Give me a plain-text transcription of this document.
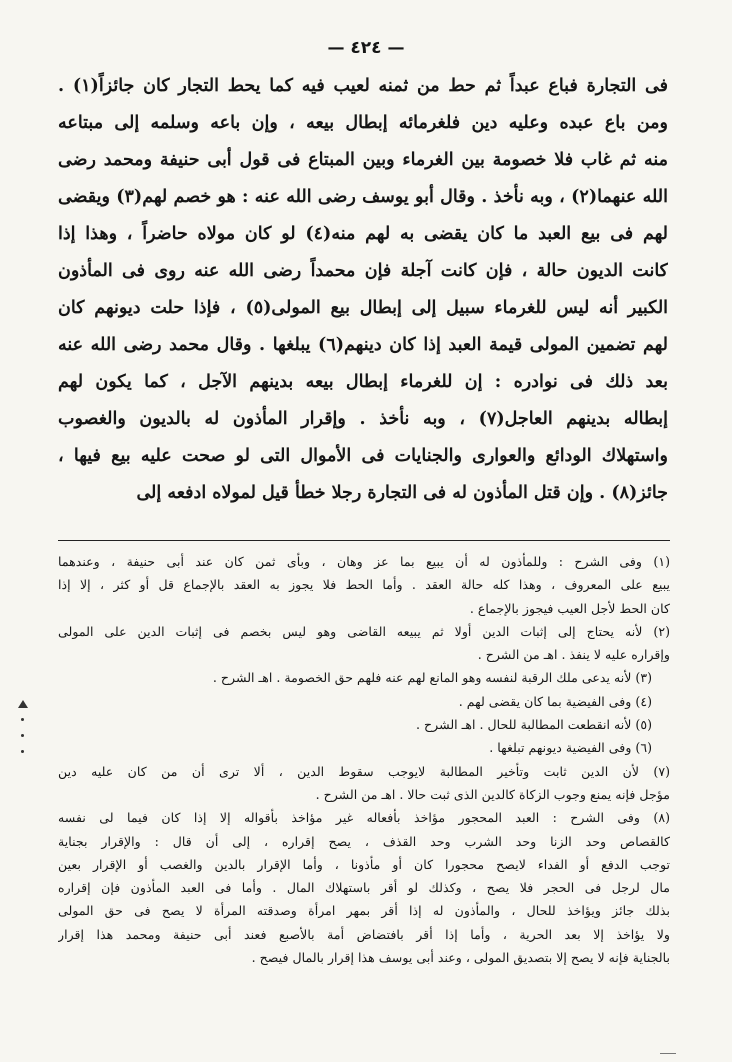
— ٤٢٤ —
فى التجارة فباع عبداً ثم حط من ثمنه لعيب فيه كما يحط التجار كان جائزاً(١) .
ومن باع عبده وعليه دين فلغرمائه إبطال بيعه ، وإن باعه وسلمه إلى مبتاعه
منه ثم غاب فلا خصومة بين الغرماء وبين المبتاع فى قول أبى حنيفة ومحمد رضى
الله عنهما(٢) ، وبه نأخذ . وقال أبو يوسف رضى الله عنه : هو خصم لهم(٣) ويقضى
لهم فى بيع العبد ما كان يقضى به لهم منه(٤) لو كان مولاه حاضراً ، وهذا إذا
كانت الديون حالة ، فإن كانت آجلة فإن محمداً رضى الله عنه روى فى المأذون
الكبير أنه ليس للغرماء سبيل إلى إبطال بيع المولى(٥) ، فإذا حلت ديونهم كان
لهم تضمين المولى قيمة العبد إذا كان دينهم(٦) يبلغها . وقال محمد رضى الله عنه
بعد ذلك فى نوادره : إن للغرماء إبطال بيعه بدينهم الآجل ، كما يكون لهم
إبطاله بدينهم العاجل(٧) ، وبه نأخذ . وإقرار المأذون له بالديون والغصوب
واستهلاك الودائع والعوارى والجنايات فى الأموال التى لو صحت عليه بيع فيها ،
جائز(٨) . وإن قتل المأذون له فى التجارة رجلا خطأ قيل لمولاه ادفعه إلى
(١) وفى الشرح : وللمأذون له أن يبيع بما عز وهان ، وبأى ثمن كان عند أبى حنيفة ، وعندهما
يبيع على المعروف ، وهذا كله حالة العقد . وأما الحط فلا يجوز به العقد بالإجماع قل أو كثر ، إلا إذا
كان الحط لأجل العيب فيجوز بالإجماع .
(٢) لأنه يحتاج إلى إثبات الدين أولا ثم يبيعه القاضى وهو ليس بخصم فى إثبات الدين على المولى
وإقراره عليه لا ينفذ . اهـ من الشرح .
(٣) لأنه يدعى ملك الرقبة لنفسه وهو المانع لهم عنه فلهم حق الخصومة . اهـ الشرح .
(٤) وفى الفيضية بما كان يقضى لهم .
(٥) لأنه انقطعت المطالبة للحال . اهـ الشرح .
(٦) وفى الفيضية ديونهم تبلغها .
(٧) لأن الدين ثابت وتأخير المطالبة لايوجب سقوط الدين ، ألا ترى أن من كان عليه دين
مؤجل فإنه يمنع وجوب الزكاة كالدين الذى ثبت حالا . اهـ من الشرح .
(٨) وفى الشرح : العبد المحجور مؤاخذ بأفعاله غير مؤاخذ بأقواله إلا إذا كان فيما لى نفسه
كالقصاص وحد الزنا وحد الشرب وحد القذف ، يصح إقراره ، إلى أن قال : والإقرار بجناية
توجب الدفع أو الفداء لايصح محجورا كان أو مأذونا ، وأما الإقرار بالدين والغصب أو الإقرار بعين
مال لرجل فى الحجر فلا يصح ، وكذلك لو أقر باستهلاك المال . وأما فى العبد المأذون فإن إقراره
بذلك جائز ويؤاخذ للحال ، والمأذون له إذا أقر بمهر امرأة وصدقته المرأة لا يصح فى حق المولى
ولا يؤاخذ إلا بعد الحرية ، وأما إذا أقر بافتضاض أمة بالأصبع فعند أبى حنيفة ومحمد هذا إقرار
بالجناية فإنه لا يصح إلا بتصديق المولى ، وعند أبى يوسف هذا إقرار بالمال فيصح .
